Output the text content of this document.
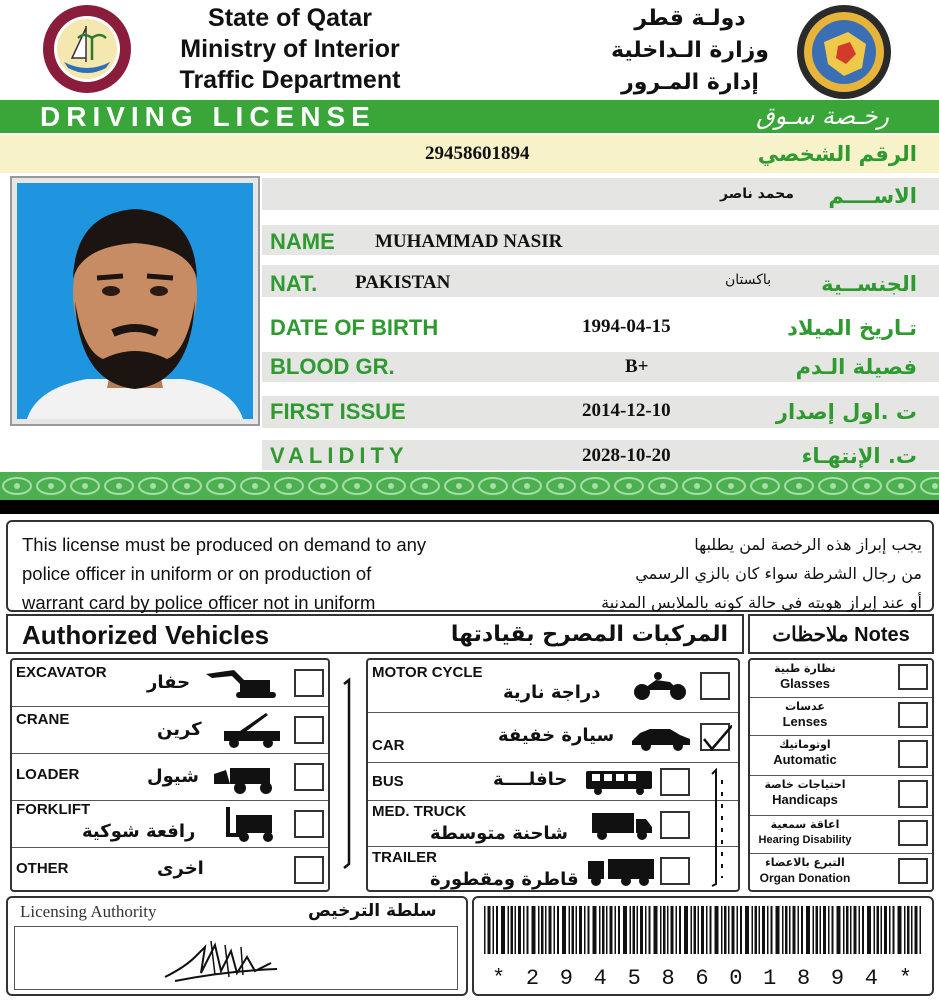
State of Qatar
Ministry of Interior
Traffic Department
دولـة قطر
وزارة الـداخلية
إدارة المـرور
DRIVING LICENSE	رخـصة سـوق
29458601894	الرقم الشخصي
محمد ناصر الاســــم
NAME MUHAMMAD NASIR
NAT. PAKISTAN	باكستان الجنســية
DATE OF BIRTH	1994-04-15	تـاريخ الميلاد
BLOOD GR.	B+	فصيلة الـدم
FIRST ISSUE	2014-12-10	ت .اول إصدار
VALIDITY	2028-10-20	ت. الإنتهـاء
This license must be produced on demand to any
police officer in uniform or on production of
warrant card by police officer not in uniform
يجب إبراز هذه الرخصة لمن يطلبها
من رجال الشرطة سواء كان بالزي الرسمي
أو عند إبراز هويته في حالة كونه بالملابس المدنية
Authorized Vehicles	المركبات المصرح بقيادتها	ملاحظات Notes
EXCAVATOR حفار
CRANE	كرين
LOADER	شيول
FORKLIFT
رافعة شوكية
OTHER	اخرى
MOTOR CYCLE
دراجة نارية
CAR	سيارة خفيفة
BUS	حافلــــة
MED. TRUCK
شاحنة متوسطة
TRAILER
قاطرة ومقطورة
نظارة طبية
Glasses
عدسات
Lenses
اوتوماتيك
Automatic
احتياجات خاصة
Handicaps
اعاقة سمعية
Hearing Disability
التبرع بالاعضاء
Organ Donation
Licensing Authority	سلطة الترخيص
* 2 9 4 5 8 6 0 1 8 9 4 *
